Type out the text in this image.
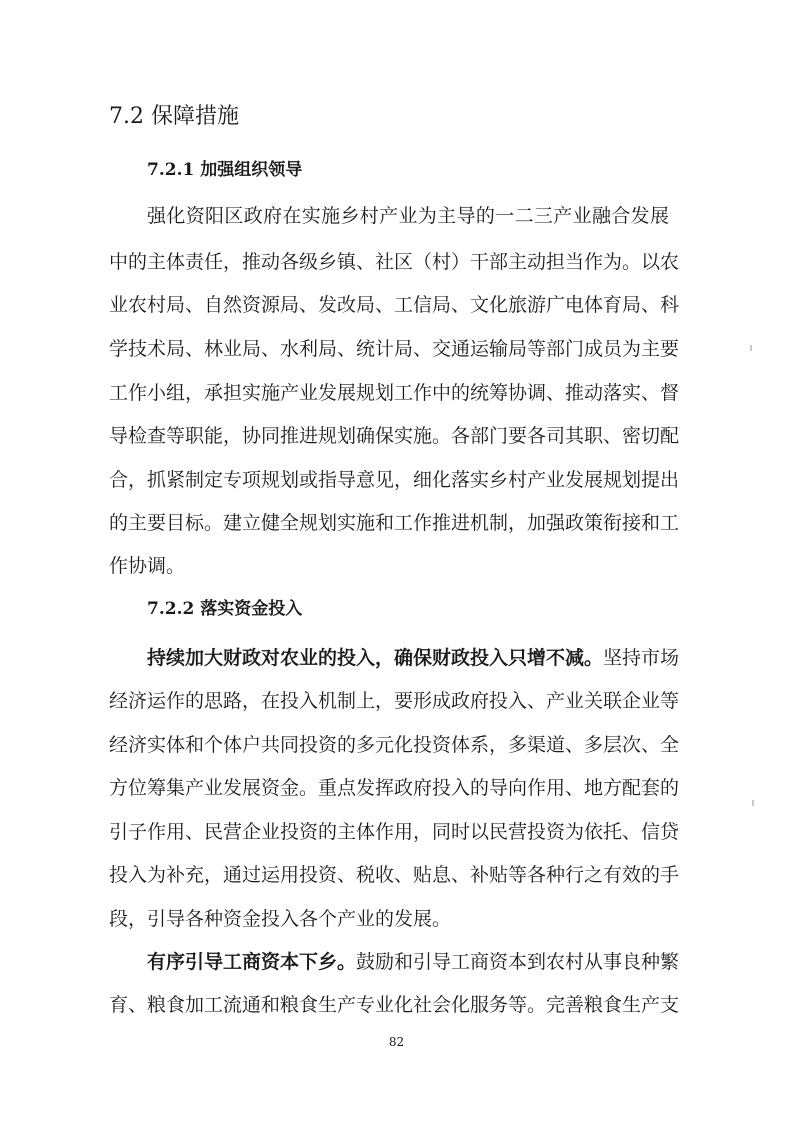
7.2 保障措施
7.2.1 加强组织领导
强化资阳区政府在实施乡村产业为主导的一二三产业融合发展
中的主体责任，推动各级乡镇、社区（村）干部主动担当作为。以农
业农村局、自然资源局、发改局、工信局、文化旅游广电体育局、科
学技术局、林业局、水利局、统计局、交通运输局等部门成员为主要
工作小组，承担实施产业发展规划工作中的统筹协调、推动落实、督
导检查等职能，协同推进规划确保实施。各部门要各司其职、密切配
合，抓紧制定专项规划或指导意见，细化落实乡村产业发展规划提出
的主要目标。建立健全规划实施和工作推进机制，加强政策衔接和工
作协调。
7.2.2 落实资金投入
持续加大财政对农业的投入，确保财政投入只增不减。坚持市场
经济运作的思路，在投入机制上，要形成政府投入、产业关联企业等
经济实体和个体户共同投资的多元化投资体系，多渠道、多层次、全
方位筹集产业发展资金。重点发挥政府投入的导向作用、地方配套的
引子作用、民营企业投资的主体作用，同时以民营投资为依托、信贷
投入为补充，通过运用投资、税收、贴息、补贴等各种行之有效的手
段，引导各种资金投入各个产业的发展。
有序引导工商资本下乡。鼓励和引导工商资本到农村从事良种繁
育、粮食加工流通和粮食生产专业化社会化服务等。完善粮食生产支
82
